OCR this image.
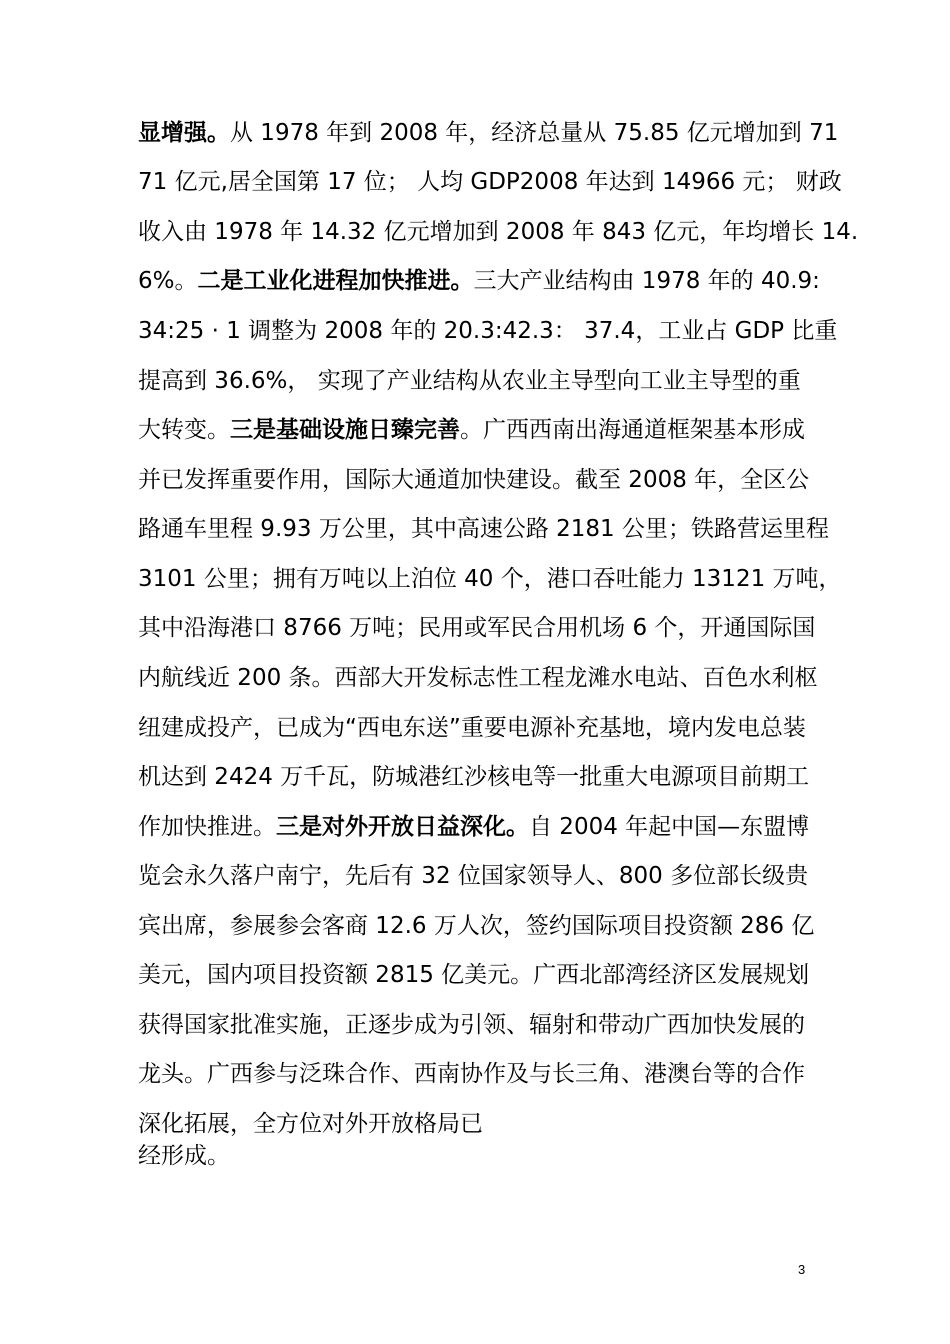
显增强。从 1978 年到 2008 年，经济总量从 75.85 亿元增加到 71
71 亿元,居全国第 17 位； 人均 GDP2008 年达到 14966 元； 财政
收入由 1978 年 14.32 亿元增加到 2008 年 843 亿元，年均增长 14.
6%。二是工业化进程加快推进。三大产业结构由 1978 年的 40.9:
34:25 · 1 调整为 2008 年的 20.3:42.3： 37.4，工业占 GDP 比重
提高到 36.6%， 实现了产业结构从农业主导型向工业主导型的重
大转变。三是基础设施日臻完善。广西西南出海通道框架基本形成
并已发挥重要作用，国际大通道加快建设。截至 2008 年，全区公
路通车里程 9.93 万公里，其中高速公路 2181 公里；铁路营运里程
3101 公里；拥有万吨以上泊位 40 个，港口吞吐能力 13121 万吨，
其中沿海港口 8766 万吨；民用或军民合用机场 6 个，开通国际国
内航线近 200 条。西部大开发标志性工程龙滩水电站、百色水利枢
纽建成投产，已成为“西电东送”重要电源补充基地，境内发电总装
机达到 2424 万千瓦，防城港红沙核电等一批重大电源项目前期工
作加快推进。三是对外开放日益深化。自 2004 年起中国—东盟博
览会永久落户南宁，先后有 32 位国家领导人、800 多位部长级贵
宾出席，参展参会客商 12.6 万人次，签约国际项目投资额 286 亿
美元，国内项目投资额 2815 亿美元。广西北部湾经济区发展规划
获得国家批准实施，正逐步成为引领、辐射和带动广西加快发展的
龙头。广西参与泛珠合作、西南协作及与长三角、港澳台等的合作
深化拓展，全方位对外开放格局已
经形成。
3
